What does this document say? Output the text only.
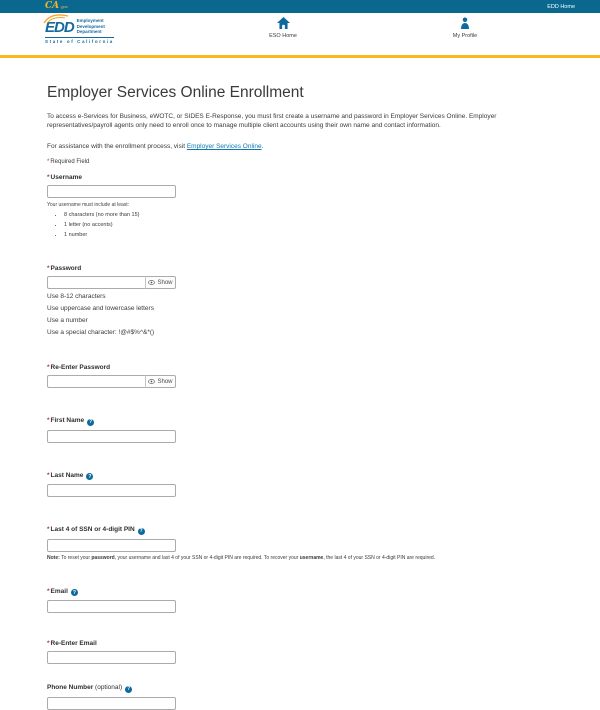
CA .gov	EDD Home
EDD Employment
Development
Department
State of California
ESO Home	My Profile
Employer Services Online Enrollment

To access e-Services for Business, eWOTC, or SIDES E-Response, you must first create a username and password in Employer Services Online. Employer representatives/payroll agents only need to enroll once to manage multiple client accounts using their own name and contact information.

For assistance with the enrollment process, visit Employer Services Online.

*Required Field

*Username

Your username must include at least:

• 8 characters (no more than 15)
• 1 letter (no accents)
• 1 number
*Password
Show

Use 8-12 characters

Use uppercase and lowercase letters

Use a number

Use a special character: !@#$%^&*()

*Re-Enter Password
Show
*First Name ?
*Last Name ?
*Last 4 of SSN or 4-digit PIN ?

Note: To reset your password, your username and last 4 of your SSN or 4-digit PIN are required. To recover your username, the last 4 of your SSN or 4-digit PIN are required.

*Email ?
*Re-Enter Email
Phone Number (optional) ?
